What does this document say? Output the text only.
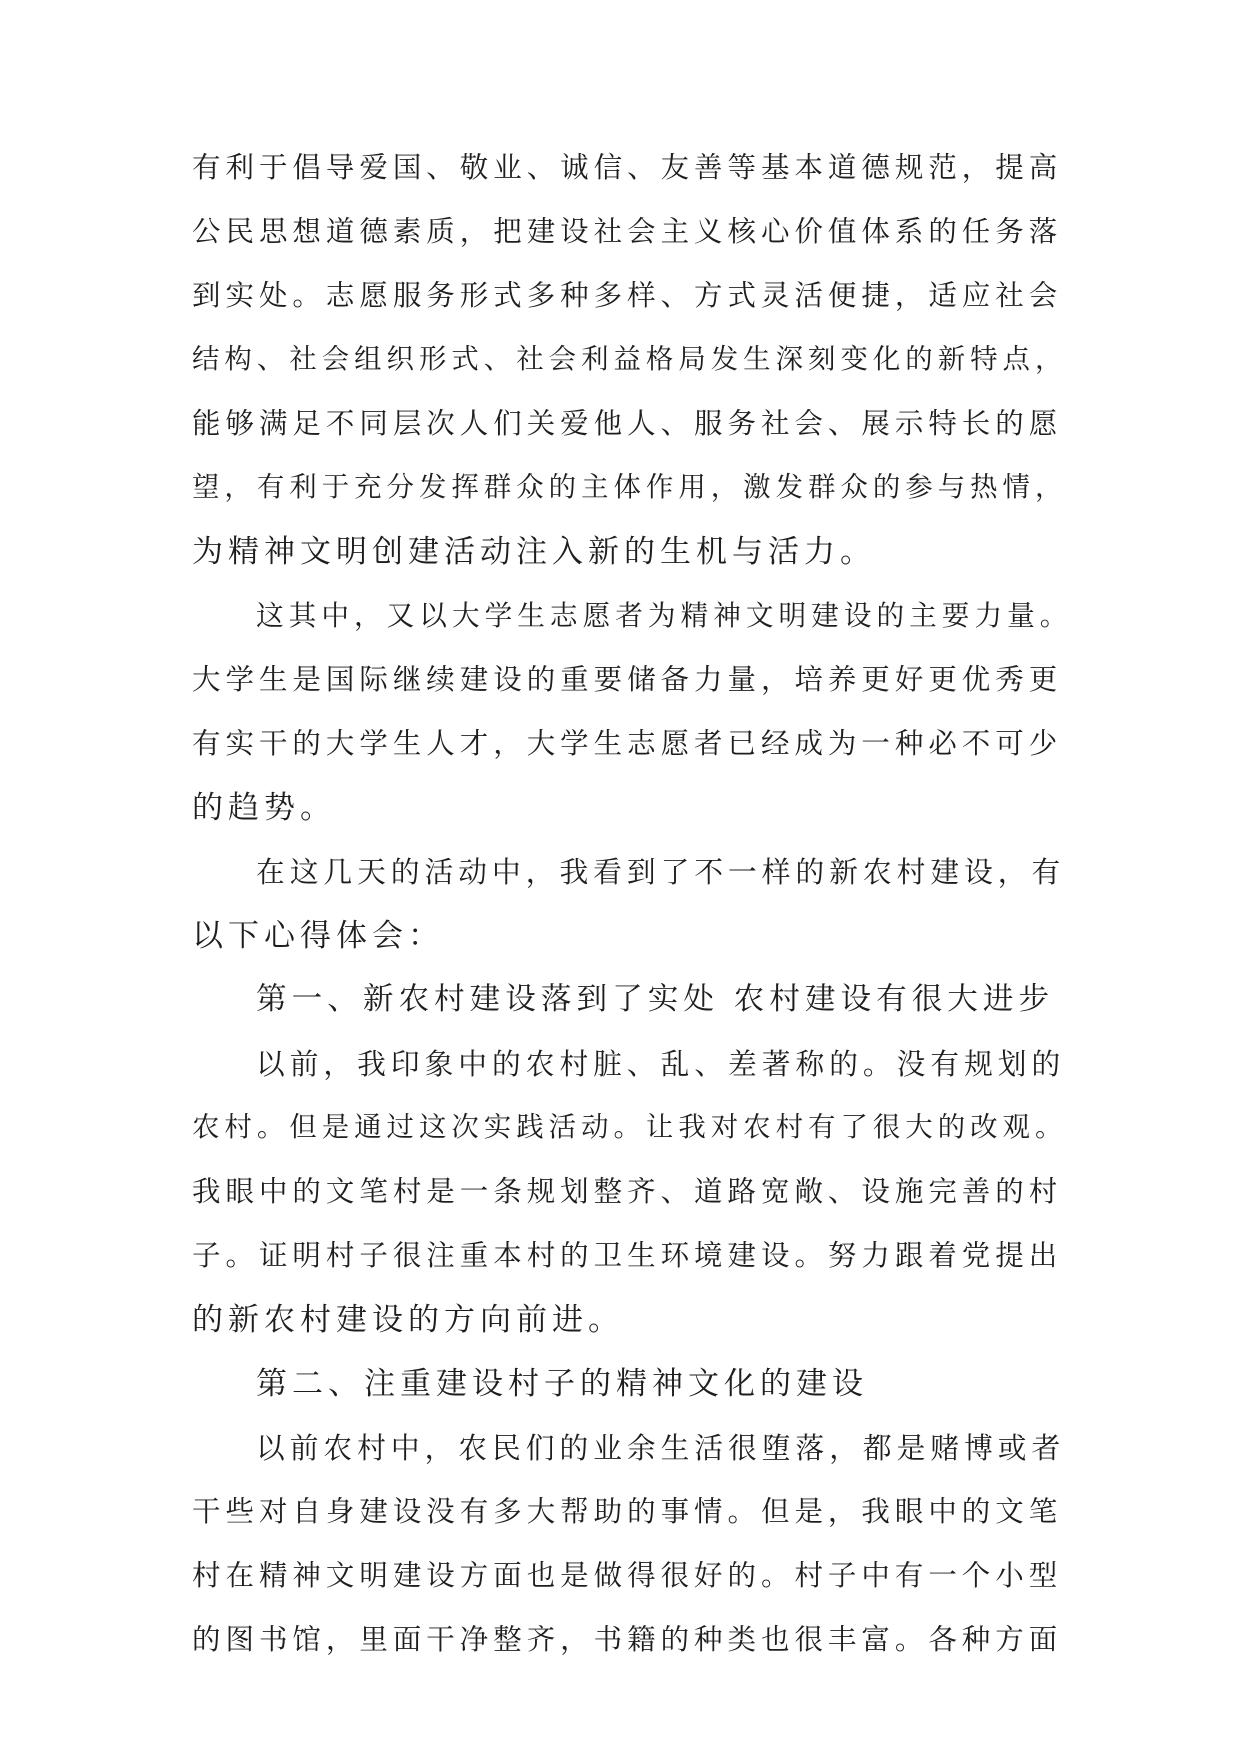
有利于倡导爱国、敬业、诚信、友善等基本道德规范，提高
公民思想道德素质，把建设社会主义核心价值体系的任务落
到实处。志愿服务形式多种多样、方式灵活便捷，适应社会
结构、社会组织形式、社会利益格局发生深刻变化的新特点，
能够满足不同层次人们关爱他人、服务社会、展示特长的愿
望，有利于充分发挥群众的主体作用，激发群众的参与热情，
为精神文明创建活动注入新的生机与活力。
这其中，又以大学生志愿者为精神文明建设的主要力量。
大学生是国际继续建设的重要储备力量，培养更好更优秀更
有实干的大学生人才，大学生志愿者已经成为一种必不可少
的趋势。
在这几天的活动中，我看到了不一样的新农村建设，有
以下心得体会：
第一、新农村建设落到了实处 农村建设有很大进步
以前，我印象中的农村脏、乱、差著称的。没有规划的
农村。但是通过这次实践活动。让我对农村有了很大的改观。
我眼中的文笔村是一条规划整齐、道路宽敞、设施完善的村
子。证明村子很注重本村的卫生环境建设。努力跟着党提出
的新农村建设的方向前进。
第二、注重建设村子的精神文化的建设
以前农村中，农民们的业余生活很堕落，都是赌博或者
干些对自身建设没有多大帮助的事情。但是，我眼中的文笔
村在精神文明建设方面也是做得很好的。村子中有一个小型
的图书馆，里面干净整齐，书籍的种类也很丰富。各种方面
